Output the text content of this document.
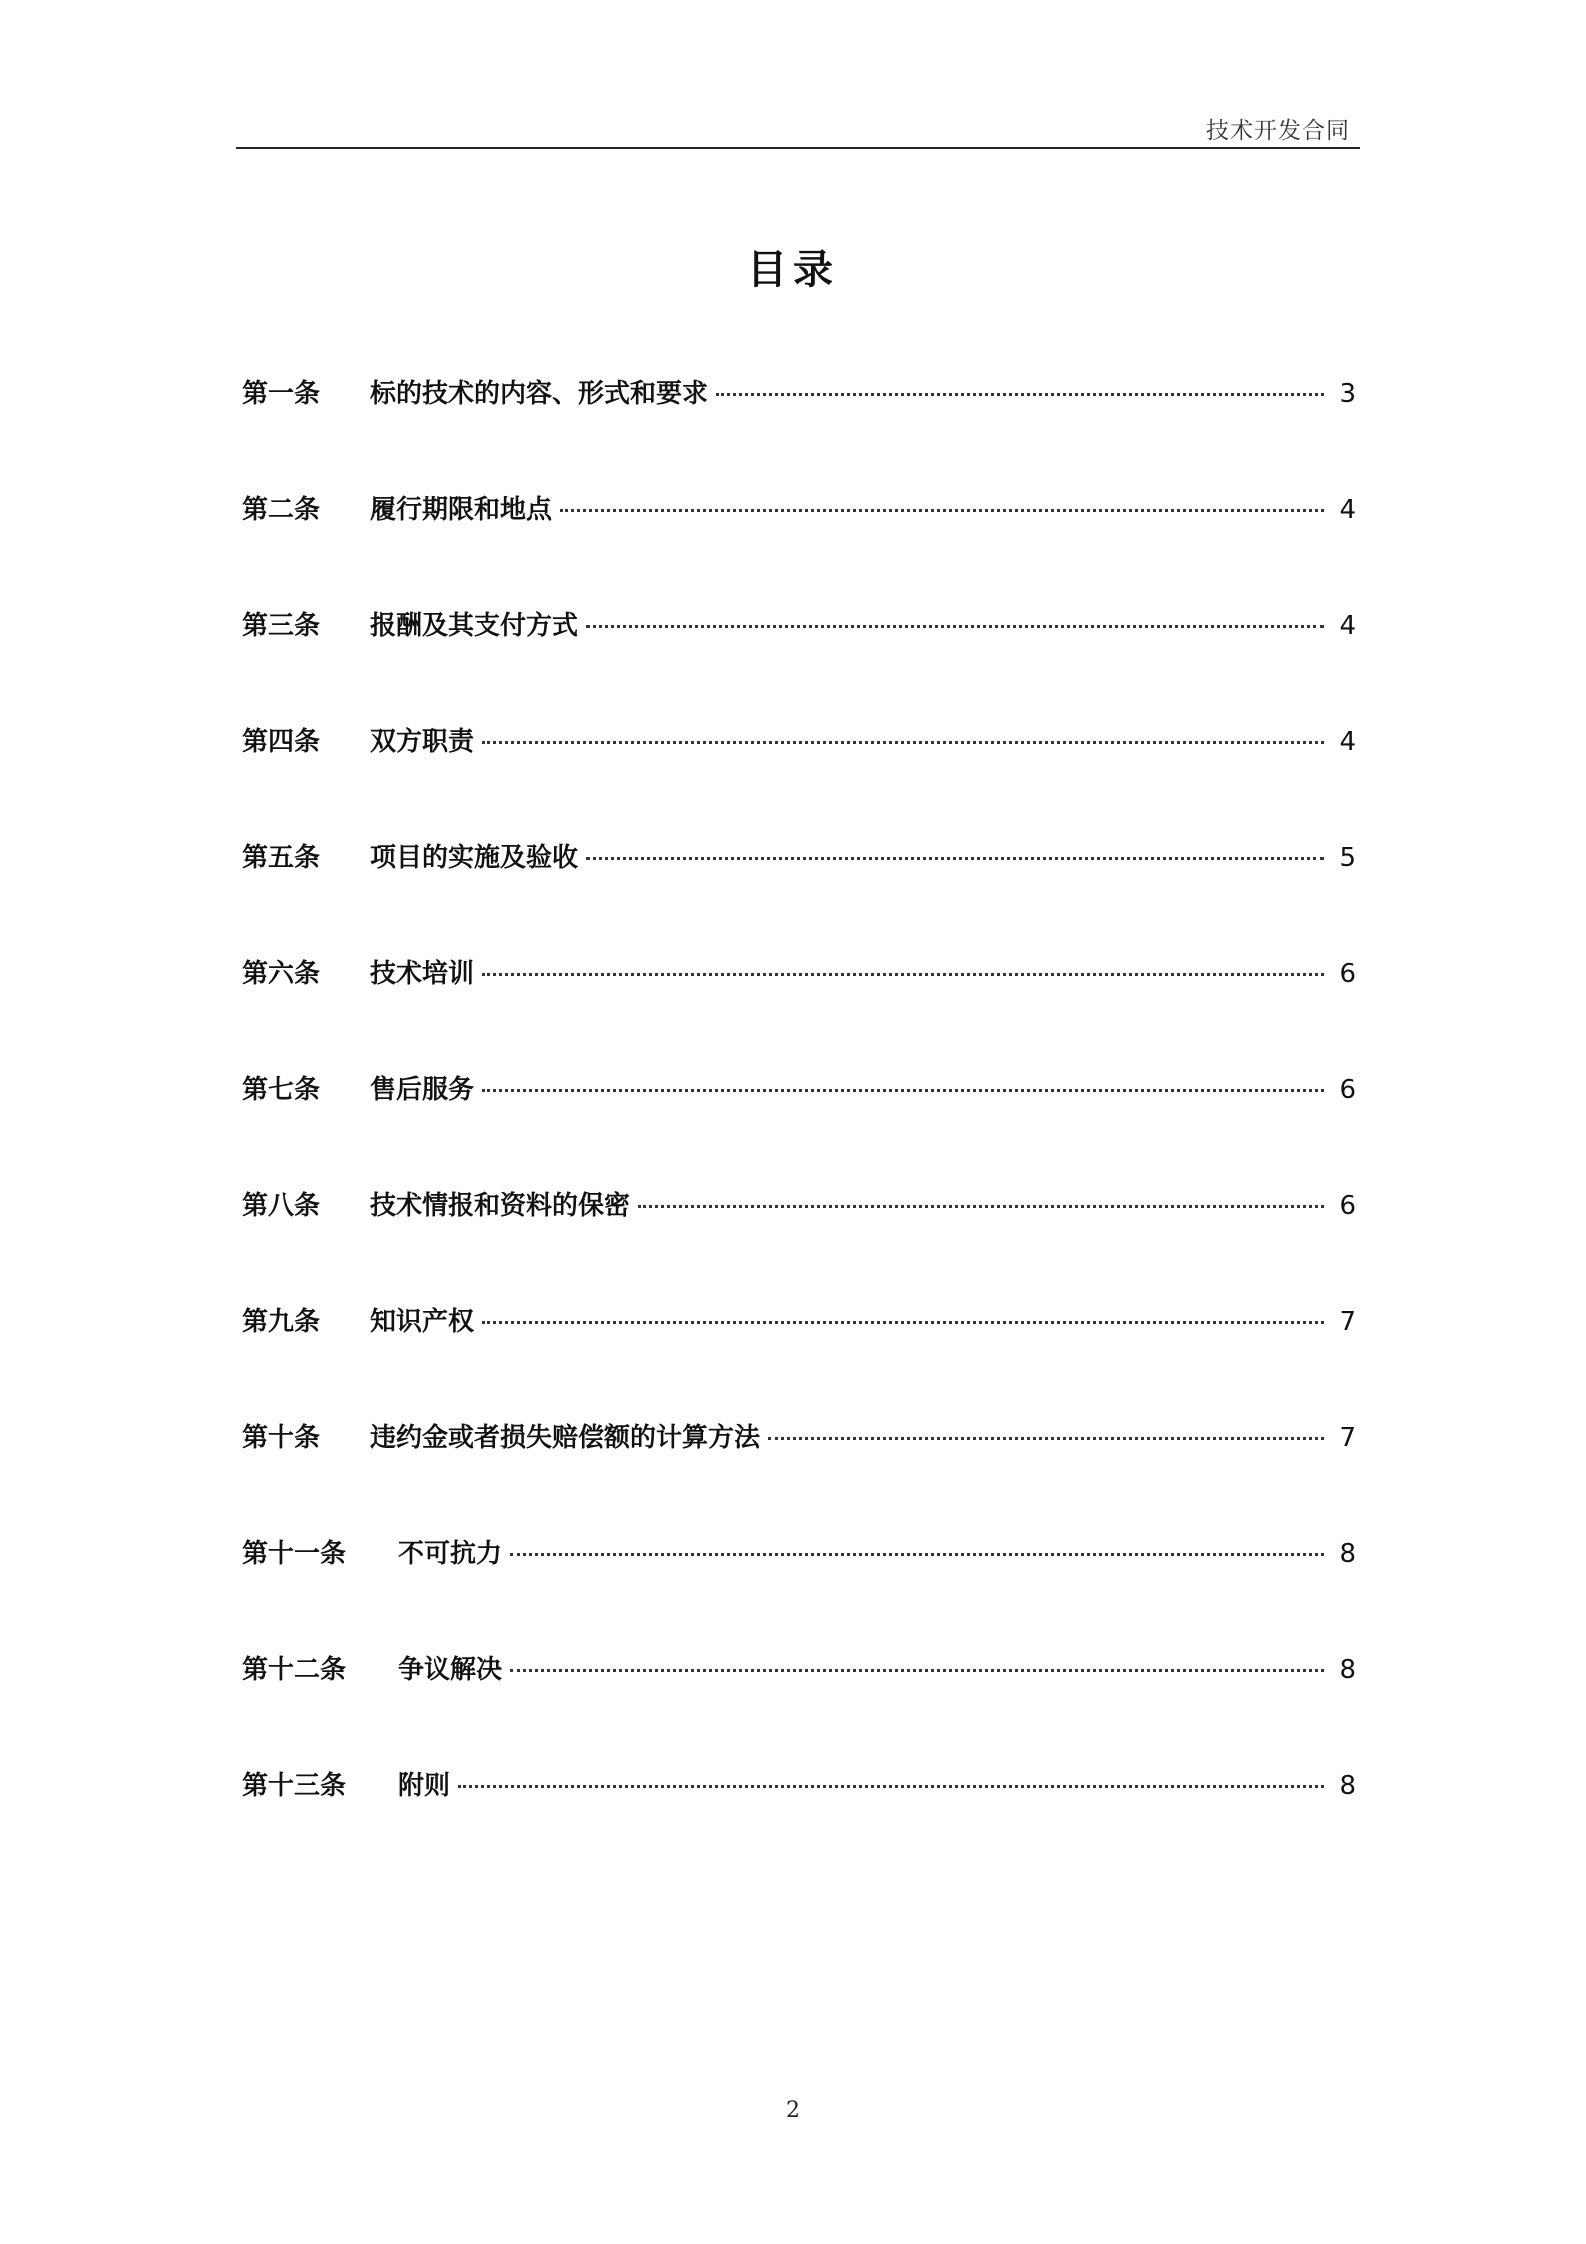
技术开发合同
目录
第一条	标的技术的内容、形式和要求	3
第二条	履行期限和地点	4
第三条	报酬及其支付方式	4
第四条	双方职责	4
第五条	项目的实施及验收	5
第六条	技术培训	6
第七条	售后服务	6
第八条	技术情报和资料的保密	6
第九条	知识产权	7
第十条	违约金或者损失赔偿额的计算方法	7
第十一条	不可抗力	8
第十二条	争议解决	8
第十三条	附则	8
2
